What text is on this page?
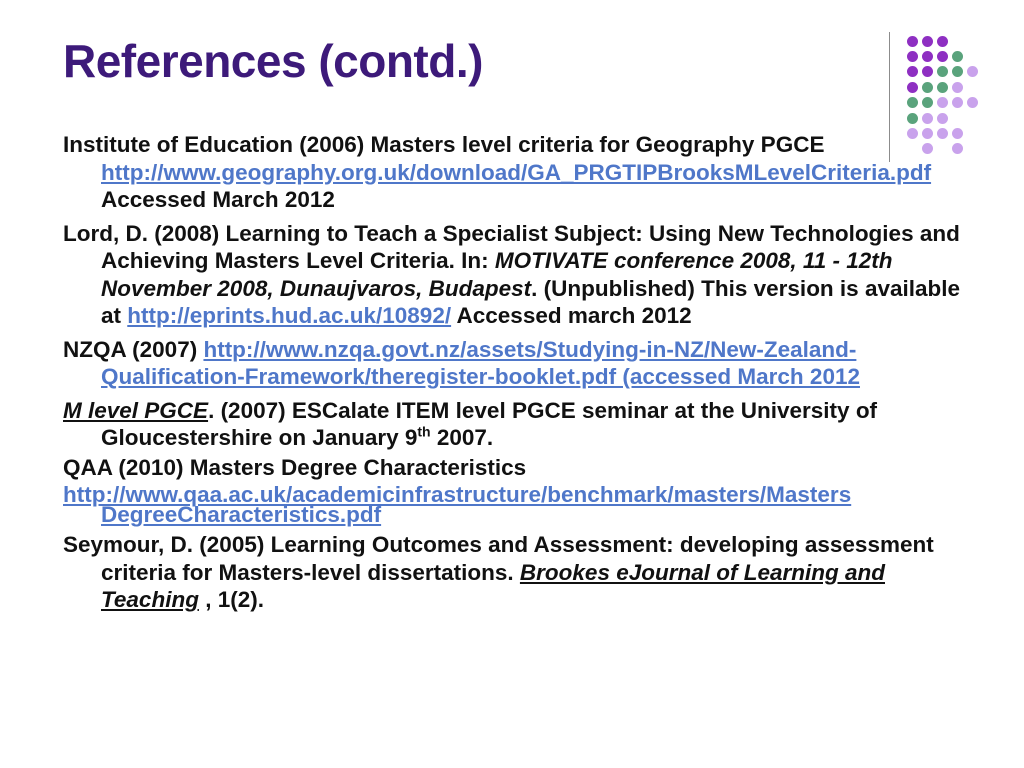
References (contd.)
Institute of Education (2006) Masters level criteria for Geography PGCE http://www.geography.org.uk/download/GA_PRGTIPBrooksMLevelCriteria.pdf Accessed March 2012
Lord, D. (2008) Learning to Teach a Specialist Subject: Using New Technologies and Achieving Masters Level Criteria. In: MOTIVATE conference 2008, 11 - 12th November 2008, Dunaujvaros, Budapest. (Unpublished) This version is available at http://eprints.hud.ac.uk/10892/ Accessed march 2012
NZQA (2007) http://www.nzqa.govt.nz/assets/Studying-in-NZ/New-Zealand-Qualification-Framework/theregister-booklet.pdf (accessed March 2012
M level PGCE. (2007) ESCalate ITEM level PGCE seminar at the University of Gloucestershire on January 9th 2007.
QAA (2010) Masters Degree Characteristics
http://www.qaa.ac.uk/academicinfrastructure/benchmark/masters/Masters
DegreeCharacteristics.pdf
Seymour, D. (2005) Learning Outcomes and Assessment: developing assessment criteria for Masters-level dissertations. Brookes eJournal of Learning and Teaching , 1(2).
